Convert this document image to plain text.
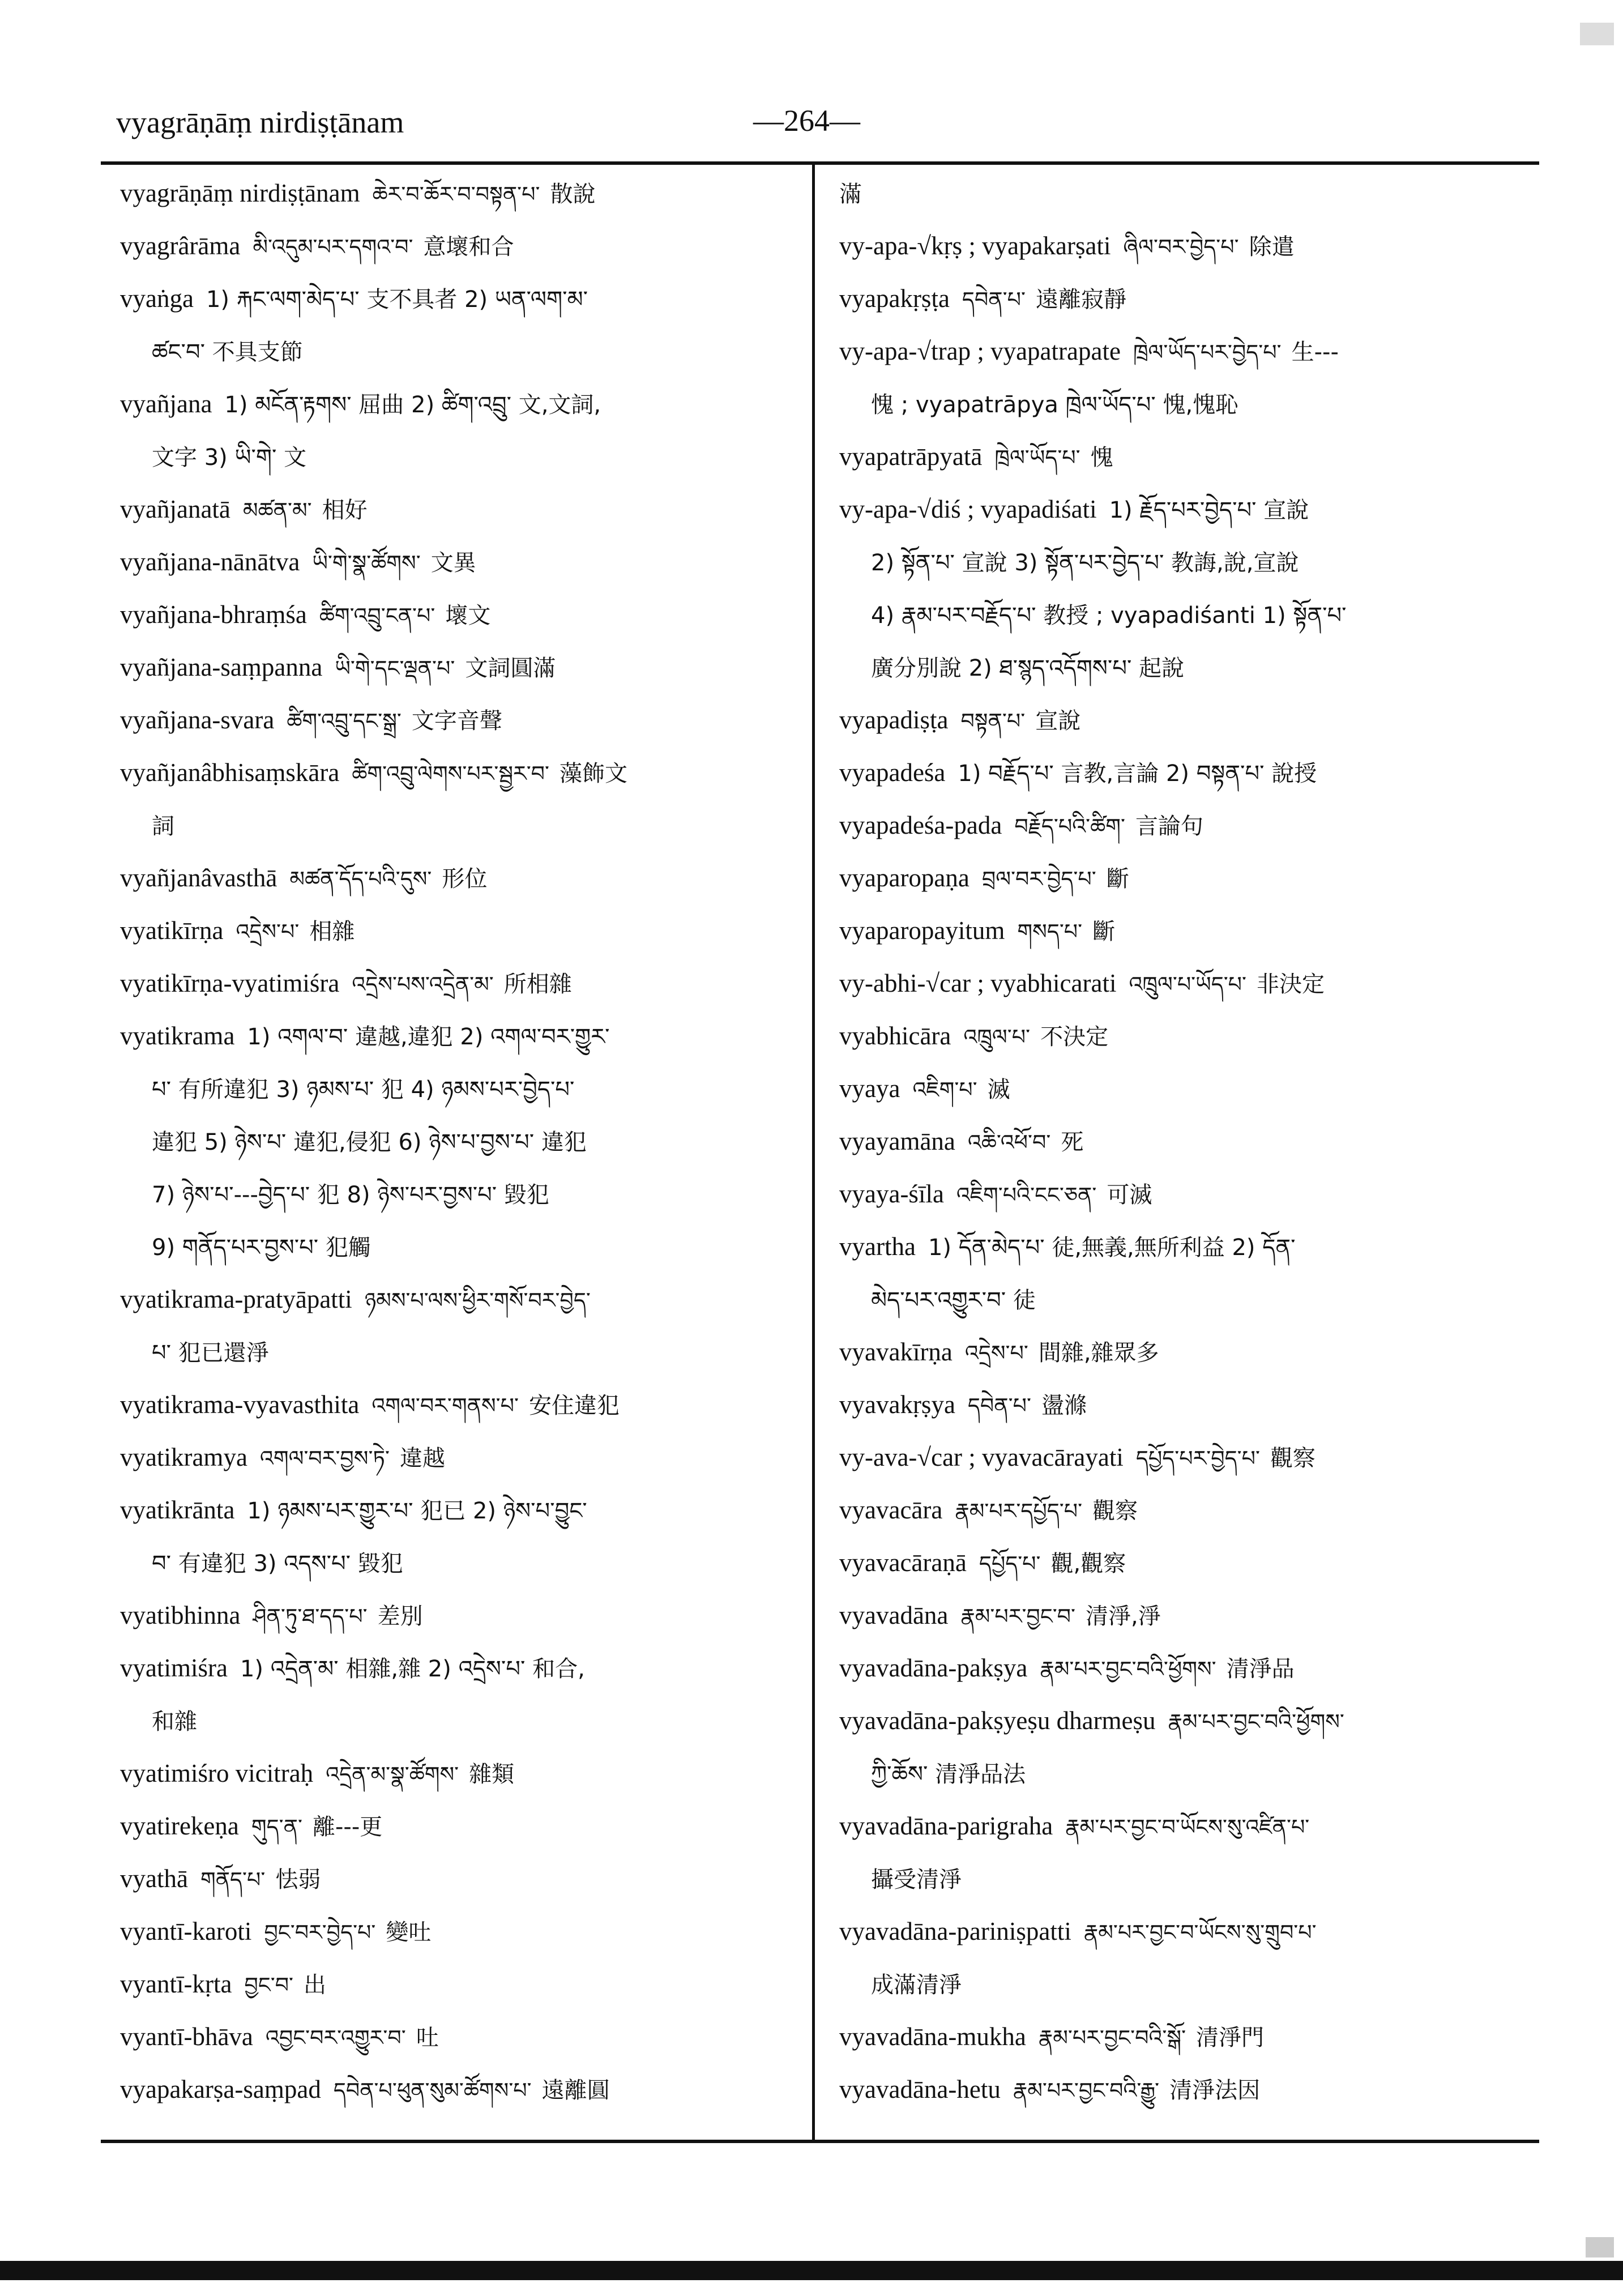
vyagrāṇāṃ nirdiṣṭānam	—264—
vyagrāṇāṃ nirdiṣṭānam ཆེར་བ་ཆོར་བ་བསྟན་པ་ 散說
vyagrârāma མི་འདུམ་པར་དགའ་བ་ 意壞和合
vyaṅga 1) རྐང་ལག་མེད་པ་ 支不具者 2) ཡན་ལག་མ་
ཚང་བ་ 不具支節
vyañjana 1) མངོན་རྟགས་ 屈曲 2) ཚིག་འབྲུ་ 文,文詞,
文字 3) ཡི་གེ་ 文
vyañjanatā མཚན་མ་ 相好
vyañjana-nānātva ཡི་གེ་སྣ་ཚོགས་ 文異
vyañjana-bhraṃśa ཚིག་འབྲུ་ངན་པ་ 壞文
vyañjana-saṃpanna ཡི་གེ་དང་ལྡན་པ་ 文詞圓滿
vyañjana-svara ཚིག་འབྲུ་དང་སྒྲ་ 文字音聲
vyañjanâbhisaṃskāra ཚིག་འབྲུ་ལེགས་པར་སྦྱར་བ་ 藻飾文
詞
vyañjanâvasthā མཚན་དོད་པའི་དུས་ 形位
vyatikīrṇa འདྲེས་པ་ 相雜
vyatikīrṇa-vyatimiśra འདྲེས་པས་འདྲེན་མ་ 所相雜
vyatikrama 1) འགལ་བ་ 違越,違犯 2) འགལ་བར་གྱུར་
པ་ 有所違犯 3) ཉམས་པ་ 犯 4) ཉམས་པར་བྱེད་པ་
違犯 5) ཉེས་པ་ 違犯,侵犯 6) ཉེས་པ་བྱས་པ་ 違犯
7) ཉེས་པ་---བྱེད་པ་ 犯 8) ཉེས་པར་བྱས་པ་ 毀犯
9) གནོད་པར་བྱས་པ་ 犯觸
vyatikrama-pratyāpatti ཉམས་པ་ལས་ཕྱིར་གསོ་བར་བྱེད་
པ་ 犯已還淨
vyatikrama-vyavasthita འགལ་བར་གནས་པ་ 安住違犯
vyatikramya འགལ་བར་བྱས་ཏེ་ 違越
vyatikrānta 1) ཉམས་པར་གྱུར་པ་ 犯已 2) ཉེས་པ་བྱུང་
བ་ 有違犯 3) འདས་པ་ 毀犯
vyatibhinna ཤིན་ཏུ་ཐ་དད་པ་ 差別
vyatimiśra 1) འདྲེན་མ་ 相雜,雜 2) འདྲེས་པ་ 和合,
和雜
vyatimiśro vicitraḥ འདྲེན་མ་སྣ་ཚོགས་ 雜類
vyatirekeṇa གུད་ན་ 離---更
vyathā གནོད་པ་ 怯弱
vyantī-karoti བྱང་བར་བྱེད་པ་ 變吐
vyantī-kṛta བྱང་བ་ 出
vyantī-bhāva འབྱང་བར་འགྱུར་བ་ 吐
vyapakarṣa-saṃpad དབེན་པ་ཕུན་སུམ་ཚོགས་པ་ 遠離圓
滿
vy-apa-√kṛṣ ; vyapakarṣati ཞིལ་བར་བྱེད་པ་ 除遣
vyapakṛṣṭa དབེན་པ་ 遠離寂靜
vy-apa-√trap ; vyapatrapate ཁྲེལ་ཡོད་པར་བྱེད་པ་ 生---
愧 ; vyapatrāpya ཁྲེལ་ཡོད་པ་ 愧,愧恥
vyapatrāpyatā ཁྲེལ་ཡོད་པ་ 愧
vy-apa-√diś ; vyapadiśati 1) རྗོད་པར་བྱེད་པ་ 宣說
2) སྟོན་པ་ 宣說 3) སྟོན་པར་བྱེད་པ་ 教誨,說,宣說
4) རྣམ་པར་བརྗོད་པ་ 教授 ; vyapadiśanti 1) སྟོན་པ་
廣分別說 2) ཐ་སྙད་འདོགས་པ་ 起說
vyapadiṣṭa བསྟན་པ་ 宣說
vyapadeśa 1) བརྗོད་པ་ 言教,言論 2) བསྟན་པ་ 說授
vyapadeśa-pada བརྗོད་པའི་ཚིག་ 言論句
vyaparopaṇa བྲལ་བར་བྱེད་པ་ 斷
vyaparopayitum གསད་པ་ 斷
vy-abhi-√car ; vyabhicarati འཁྲུལ་པ་ཡོད་པ་ 非決定
vyabhicāra འཁྲུལ་པ་ 不決定
vyaya འཇིག་པ་ 滅
vyayamāna འཆི་འཕོ་བ་ 死
vyaya-śīla འཇིག་པའི་ངང་ཅན་ 可滅
vyartha 1) དོན་མེད་པ་ 徒,無義,無所利益 2) དོན་
མེད་པར་འགྱུར་བ་ 徒
vyavakīrṇa འདྲེས་པ་ 間雜,雜眾多
vyavakṛṣya དབེན་པ་ 盪滌
vy-ava-√car ; vyavacārayati དཔྱོད་པར་བྱེད་པ་ 觀察
vyavacāra རྣམ་པར་དཔྱོད་པ་ 觀察
vyavacāraṇā དཔྱོད་པ་ 觀,觀察
vyavadāna རྣམ་པར་བྱང་བ་ 清淨,淨
vyavadāna-pakṣya རྣམ་པར་བྱང་བའི་ཕྱོགས་ 清淨品
vyavadāna-pakṣyeṣu dharmeṣu རྣམ་པར་བྱང་བའི་ཕྱོགས་
ཀྱི་ཆོས་ 清淨品法
vyavadāna-parigraha རྣམ་པར་བྱང་བ་ཡོངས་སུ་འཛིན་པ་
攝受清淨
vyavadāna-pariniṣpatti རྣམ་པར་བྱང་བ་ཡོངས་སུ་གྲུབ་པ་
成滿清淨
vyavadāna-mukha རྣམ་པར་བྱང་བའི་སྒོ་ 清淨門
vyavadāna-hetu རྣམ་པར་བྱང་བའི་རྒྱུ་ 清淨法因
